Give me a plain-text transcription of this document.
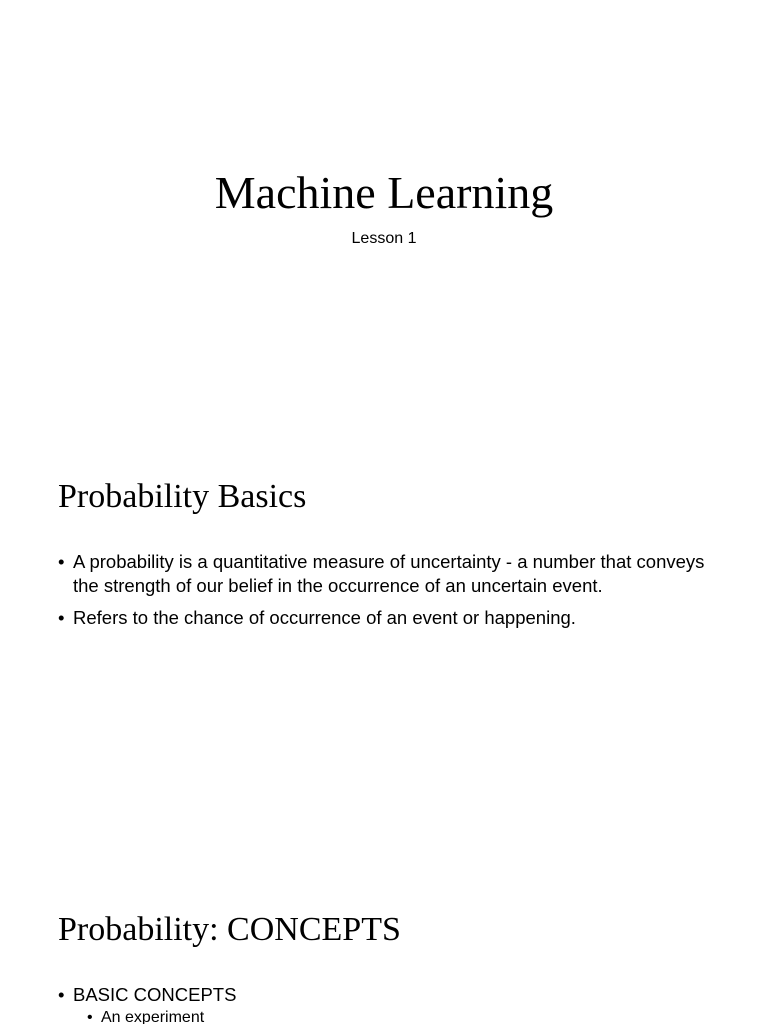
Machine Learning

Lesson 1

Probability Basics
• A probability is a quantitative measure of uncertainty - a number that conveys the strength of our belief in the occurrence of an uncertain event.
• Refers to the chance of occurrence of an event or happening.
Probability: CONCEPTS
• BASIC CONCEPTS
• An experiment
